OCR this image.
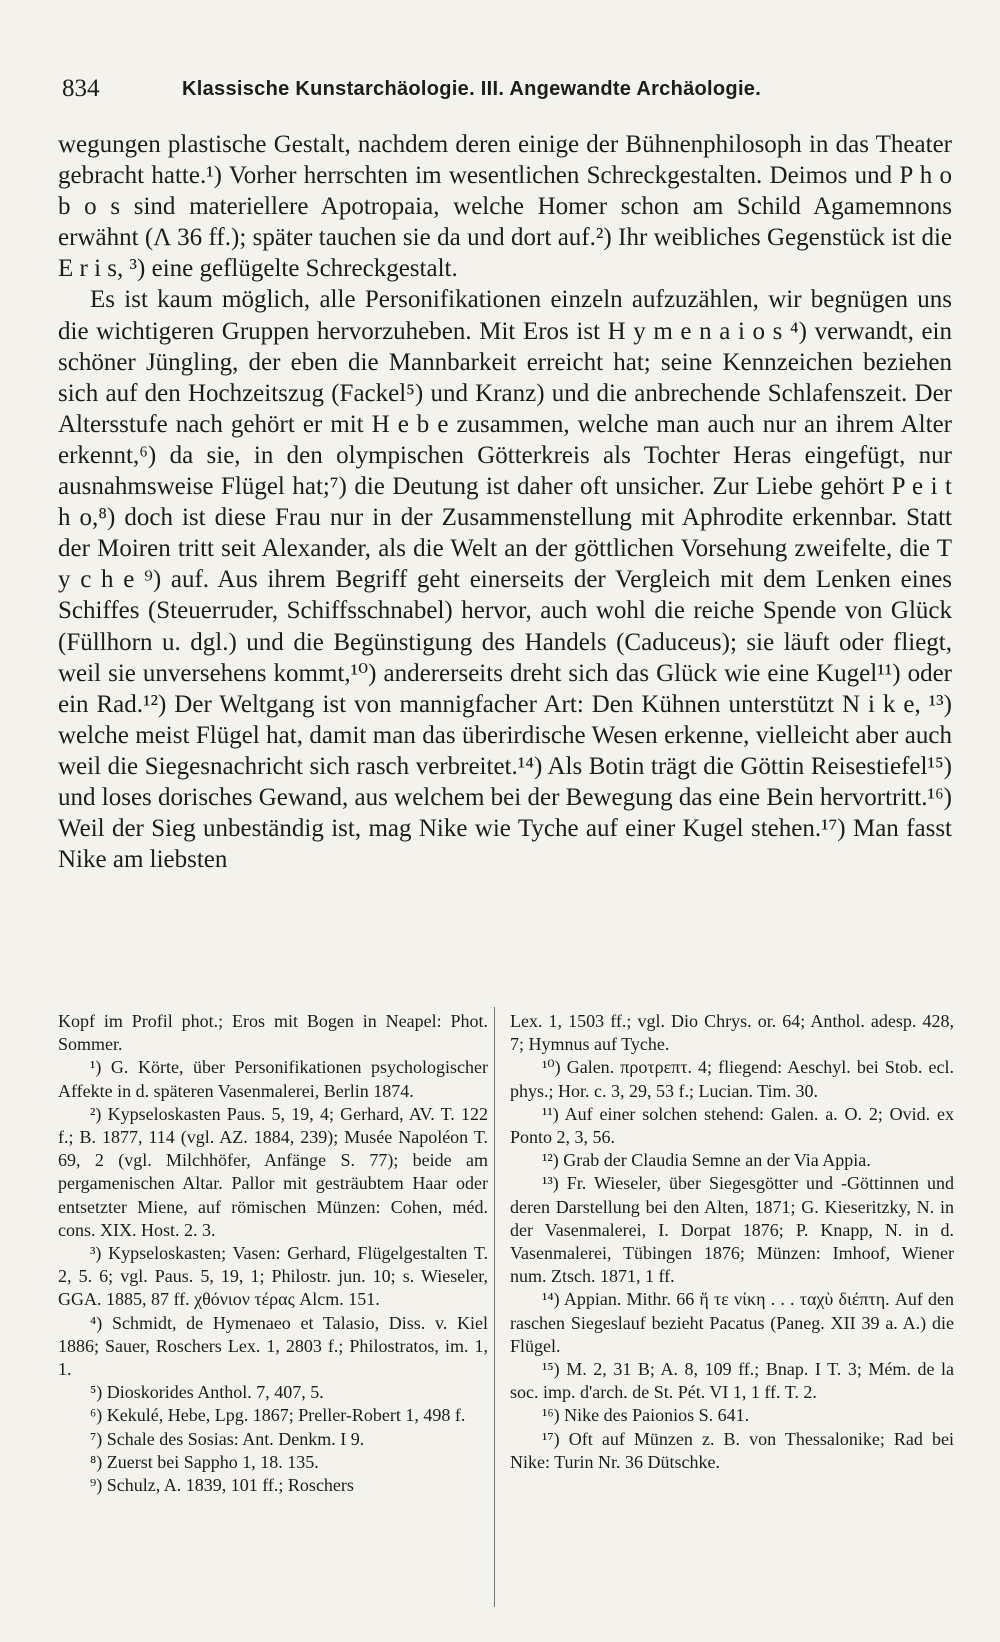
834	Klassische Kunstarchäologie. III. Angewandte Archäologie.

wegungen plastische Gestalt, nachdem deren einige der Bühnenphilosoph in das Theater gebracht hatte.¹) Vorher herrschten im wesentlichen Schreckgestalten. Deimos und P h o b o s sind materiellere Apotropaia, welche Homer schon am Schild Agamemnons erwähnt (Λ 36 ff.); später tauchen sie da und dort auf.²) Ihr weibliches Gegenstück ist die E r i s, ³) eine geflügelte Schreckgestalt.

Es ist kaum möglich, alle Personifikationen einzeln aufzuzählen, wir begnügen uns die wichtigeren Gruppen hervorzuheben. Mit Eros ist H y m e n a i o s ⁴) verwandt, ein schöner Jüngling, der eben die Mannbarkeit erreicht hat; seine Kennzeichen beziehen sich auf den Hochzeitszug (Fackel⁵) und Kranz) und die anbrechende Schlafenszeit. Der Altersstufe nach gehört er mit H e b e zusammen, welche man auch nur an ihrem Alter erkennt,⁶) da sie, in den olympischen Götterkreis als Tochter Heras eingefügt, nur ausnahmsweise Flügel hat;⁷) die Deutung ist daher oft unsicher. Zur Liebe gehört P e i t h o,⁸) doch ist diese Frau nur in der Zusammenstellung mit Aphrodite erkennbar. Statt der Moiren tritt seit Alexander, als die Welt an der göttlichen Vorsehung zweifelte, die T y c h e ⁹) auf. Aus ihrem Begriff geht einerseits der Vergleich mit dem Lenken eines Schiffes (Steuerruder, Schiffsschnabel) hervor, auch wohl die reiche Spende von Glück (Füllhorn u. dgl.) und die Begünstigung des Handels (Caduceus); sie läuft oder fliegt, weil sie unversehens kommt,¹⁰) andererseits dreht sich das Glück wie eine Kugel¹¹) oder ein Rad.¹²) Der Weltgang ist von mannigfacher Art: Den Kühnen unterstützt N i k e, ¹³) welche meist Flügel hat, damit man das überirdische Wesen erkenne, vielleicht aber auch weil die Siegesnachricht sich rasch verbreitet.¹⁴) Als Botin trägt die Göttin Reisestiefel¹⁵) und loses dorisches Gewand, aus welchem bei der Bewegung das eine Bein hervortritt.¹⁶) Weil der Sieg unbeständig ist, mag Nike wie Tyche auf einer Kugel stehen.¹⁷) Man fasst Nike am liebsten

Kopf im Profil phot.; Eros mit Bogen in Neapel: Phot. Sommer.

¹) G. Körte, über Personifikationen psychologischer Affekte in d. späteren Vasenmalerei, Berlin 1874.

²) Kypseloskasten Paus. 5, 19, 4; Gerhard, AV. T. 122 f.; B. 1877, 114 (vgl. AZ. 1884, 239); Musée Napoléon T. 69, 2 (vgl. Milchhöfer, Anfänge S. 77); beide am pergamenischen Altar. Pallor mit gesträubtem Haar oder entsetzter Miene, auf römischen Münzen: Cohen, méd. cons. XIX. Host. 2. 3.

³) Kypseloskasten; Vasen: Gerhard, Flügelgestalten T. 2, 5. 6; vgl. Paus. 5, 19, 1; Philostr. jun. 10; s. Wieseler, GGA. 1885, 87 ff. χθόνιον τέρας Alcm. 151.

⁴) Schmidt, de Hymenaeo et Talasio, Diss. v. Kiel 1886; Sauer, Roschers Lex. 1, 2803 f.; Philostratos, im. 1, 1.

⁵) Dioskorides Anthol. 7, 407, 5.

⁶) Kekulé, Hebe, Lpg. 1867; Preller-Robert 1, 498 f.

⁷) Schale des Sosias: Ant. Denkm. I 9.

⁸) Zuerst bei Sappho 1, 18. 135.

⁹) Schulz, A. 1839, 101 ff.; Roschers

Lex. 1, 1503 ff.; vgl. Dio Chrys. or. 64; Anthol. adesp. 428, 7; Hymnus auf Tyche.

¹⁰) Galen. προτρεπτ. 4; fliegend: Aeschyl. bei Stob. ecl. phys.; Hor. c. 3, 29, 53 f.; Lucian. Tim. 30.

¹¹) Auf einer solchen stehend: Galen. a. O. 2; Ovid. ex Ponto 2, 3, 56.

¹²) Grab der Claudia Semne an der Via Appia.

¹³) Fr. Wieseler, über Siegesgötter und -Göttinnen und deren Darstellung bei den Alten, 1871; G. Kieseritzky, N. in der Vasenmalerei, I. Dorpat 1876; P. Knapp, N. in d. Vasenmalerei, Tübingen 1876; Münzen: Imhoof, Wiener num. Ztsch. 1871, 1 ff.

¹⁴) Appian. Mithr. 66 ἥ τε νίκη . . . ταχὺ διέπτη. Auf den raschen Siegeslauf bezieht Pacatus (Paneg. XII 39 a. A.) die Flügel.

¹⁵) M. 2, 31 B; A. 8, 109 ff.; Bnap. I T. 3; Mém. de la soc. imp. d'arch. de St. Pét. VI 1, 1 ff. T. 2.

¹⁶) Nike des Paionios S. 641.

¹⁷) Oft auf Münzen z. B. von Thessalonike; Rad bei Nike: Turin Nr. 36 Dütschke.
